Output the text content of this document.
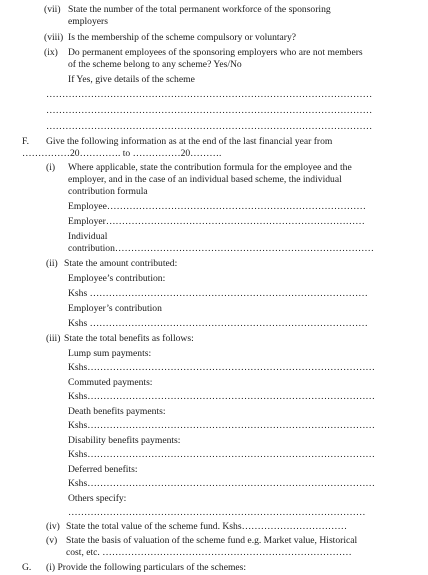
(vii) State the number of the total permanent workforce of the sponsoring
employers
(viii) Is the membership of the scheme compulsory or voluntary?
(ix) Do permanent employees of the sponsoring employers who are not members
of the scheme belong to any scheme? Yes/No
If Yes, give details of the scheme
…………………………………………………………………………………………
…………………………………………………………………………………………
…………………………………………………………………………………………
F. Give the following information as at the end of the last financial year from
……………20…………. to ……………20……….
(i) Where applicable, state the contribution formula for the employee and the
employer, and in the case of an individual based scheme, the individual
contribution formula
Employee………………………………………………………………………
Employer………………………………………………………………………
Individual
contribution………………………………………………………………………
(ii) State the amount contributed:
Employee’s contribution:
Kshs ……………………………………………………………………………
Employer’s contribution
Kshs ……………………………………………………………………………
(iii) State the total benefits as follows:
Lump sum payments:
Kshs………………………………………………………………………………
Commuted payments:
Kshs………………………………………………………………………………
Death benefits payments:
Kshs………………………………………………………………………………
Disability benefits payments:
Kshs………………………………………………………………………………
Deferred benefits:
Kshs………………………………………………………………………………
Others specify:
…………………………………………………………………………………
(iv) State the total value of the scheme fund. Kshs……………………………
(v) State the basis of valuation of the scheme fund e.g. Market value, Historical
cost, etc. ……………………………………………………………………
G. (i) Provide the following particulars of the schemes:
